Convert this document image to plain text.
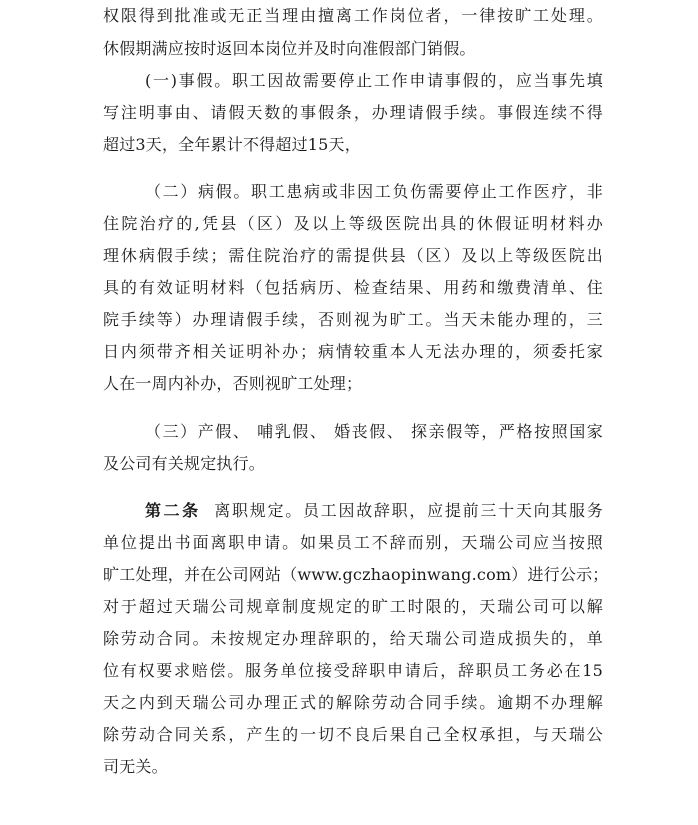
权限得到批准或无正当理由擅离工作岗位者，一律按旷工处理。
休假期满应按时返回本岗位并及时向准假部门销假。
(一)事假。职工因故需要停止工作申请事假的，应当事先填
写注明事由、请假天数的事假条，办理请假手续。事假连续不得
超过3天，全年累计不得超过15天，
（二）病假。职工患病或非因工负伤需要停止工作医疗，非
住院治疗的,凭县（区）及以上等级医院出具的休假证明材料办
理休病假手续；需住院治疗的需提供县（区）及以上等级医院出
具的有效证明材料（包括病历、检查结果、用药和缴费清单、住
院手续等）办理请假手续，否则视为旷工。当天未能办理的，三
日内须带齐相关证明补办；病情较重本人无法办理的，须委托家
人在一周内补办，否则视旷工处理；
（三）产假、 哺乳假、 婚丧假、 探亲假等，严格按照国家
及公司有关规定执行。
第二条 离职规定。员工因故辞职，应提前三十天向其服务
单位提出书面离职申请。如果员工不辞而别，天瑞公司应当按照
旷工处理，并在公司网站（www.gczhaopinwang.com）进行公示；
对于超过天瑞公司规章制度规定的旷工时限的，天瑞公司可以解
除劳动合同。未按规定办理辞职的，给天瑞公司造成损失的，单
位有权要求赔偿。服务单位接受辞职申请后，辞职员工务必在15
天之内到天瑞公司办理正式的解除劳动合同手续。逾期不办理解
除劳动合同关系，产生的一切不良后果自己全权承担，与天瑞公
司无关。
